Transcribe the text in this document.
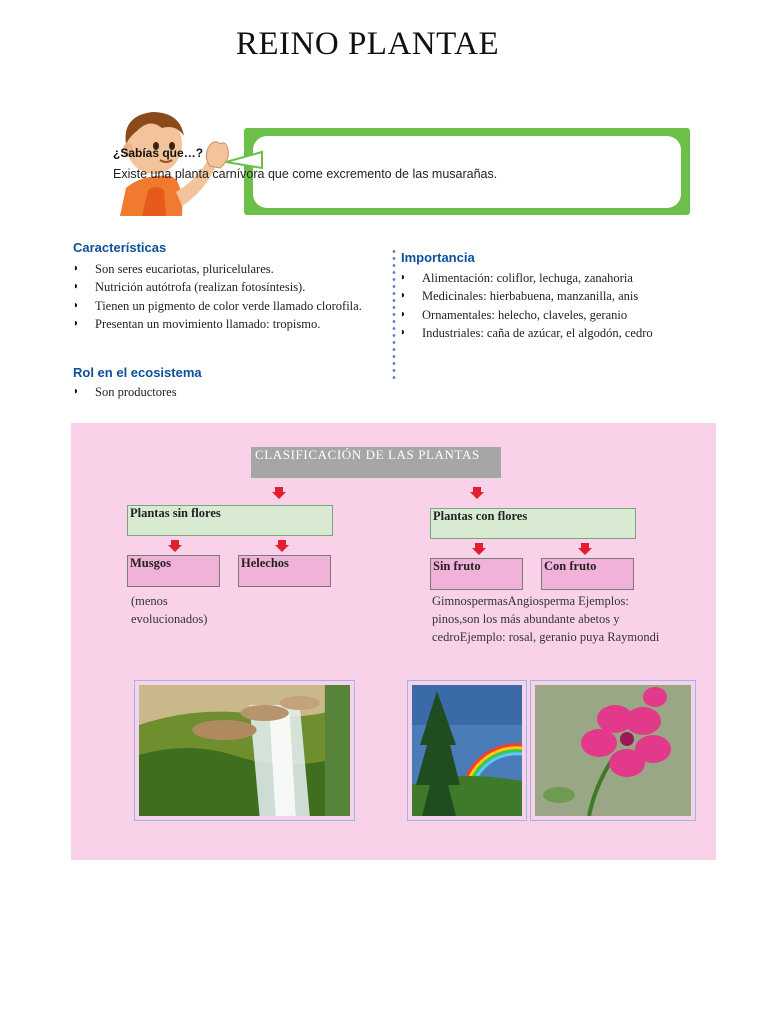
REINO PLANTAE
¿Sabías que…?
Existe una planta carnívora que come excremento de las musarañas.
Características
◗ Son seres eucariotas, pluricelulares.
◗ Nutrición autótrofa (realizan fotosíntesis).
◗ Tienen un pigmento de color verde llamado clorofila.
◗ Presentan un movimiento llamado: tropismo.
Rol en el ecosistema
◗ Son productores
Importancia
◗ Alimentación: coliflor, lechuga, zanahoria
◗ Medicinales: hierbabuena, manzanilla, anis
◗ Ornamentales: helecho, claveles, geranio
◗ Industriales: caña de azúcar, el algodón, cedro
CLASIFICACIÓN DE LAS PLANTAS
Plantas sin flores	Plantas con flores
Musgos	Helechos	Sin fruto	Con fruto
(menos evolucionados)
GimnospermasAngiosperma Ejemplos: pinos,son los más abundante abetos y cedroEjemplo: rosal, geranio puya Raymondi
